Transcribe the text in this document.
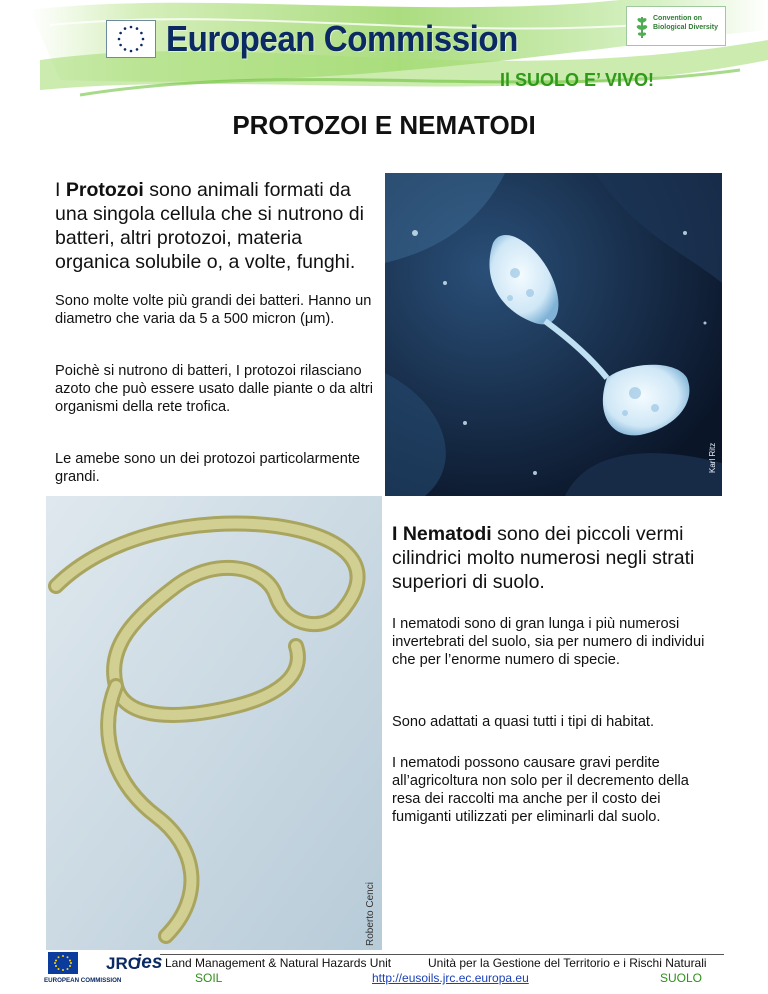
European Commission	Convention on
Biological Diversity
Il SUOLO E’ VIVO!
PROTOZOI E NEMATODI
I Protozoi sono animali formati da una singola cellula che si nutrono di batteri, altri protozoi, materia organica solubile o, a volte, funghi.
Sono molte volte più grandi dei batteri. Hanno un diametro che varia da 5 a 500 micron (μm).
Poichè si nutrono di batteri, I protozoi rilasciano azoto che può essere usato dalle piante o da altri organismi della rete trofica.
Le amebe sono un dei protozoi particolarmente grandi.
Karl Ritz
Roberto Cenci
I Nematodi sono dei piccoli vermi cilindrici molto numerosi negli strati superiori di suolo.
I nematodi sono di gran lunga i più numerosi invertebrati del suolo, sia per numero di individui che per l’enorme numero di specie.
Sono adattati a quasi tutti i tipi di habitat.
I nematodi possono causare gravi perdite all’agricoltura non solo per il decremento della resa dei raccolti ma anche per il costo dei fumiganti utilizzati per eliminarli dal suolo.
EUROPEAN COMMISSION
JRC
ies Land Management & Natural Hazards Unit
SOIL
Unità per la Gestione del Territorio e i Rischi Naturali
http://eusoils.jrc.ec.europa.eu	SUOLO
